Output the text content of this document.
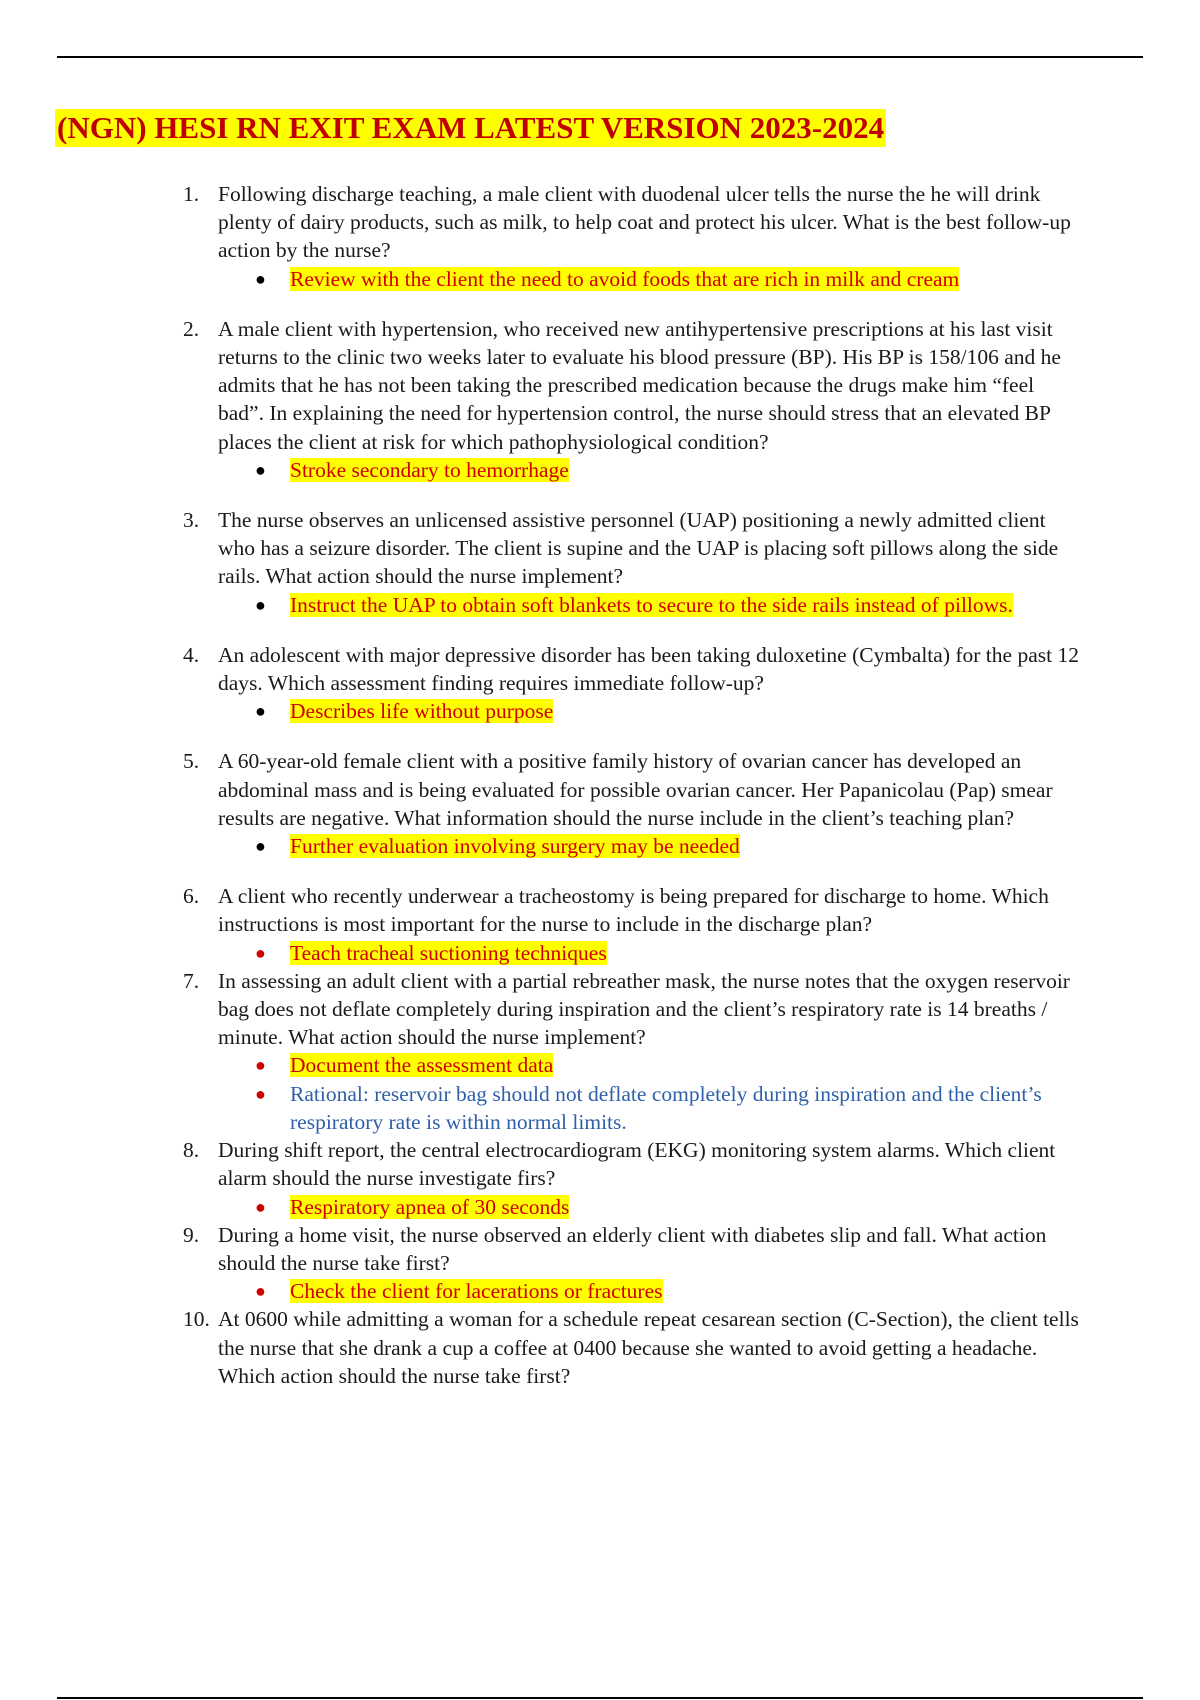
(NGN) HESI RN EXIT EXAM LATEST VERSION 2023-2024
1. Following discharge teaching, a male client with duodenal ulcer tells the nurse the he will drink plenty of dairy products, such as milk, to help coat and protect his ulcer. What is the best follow-up action by the nurse?
● Review with the client the need to avoid foods that are rich in milk and cream
2. A male client with hypertension, who received new antihypertensive prescriptions at his last visit returns to the clinic two weeks later to evaluate his blood pressure (BP). His BP is 158/106 and he admits that he has not been taking the prescribed medication because the drugs make him “feel bad”. In explaining the need for hypertension control, the nurse should stress that an elevated BP places the client at risk for which pathophysiological condition?
● Stroke secondary to hemorrhage
3. The nurse observes an unlicensed assistive personnel (UAP) positioning a newly admitted client who has a seizure disorder. The client is supine and the UAP is placing soft pillows along the side rails. What action should the nurse implement?
● Instruct the UAP to obtain soft blankets to secure to the side rails instead of pillows.
4. An adolescent with major depressive disorder has been taking duloxetine (Cymbalta) for the past 12 days. Which assessment finding requires immediate follow-up?
● Describes life without purpose
5. A 60-year-old female client with a positive family history of ovarian cancer has developed an abdominal mass and is being evaluated for possible ovarian cancer. Her Papanicolau (Pap) smear results are negative. What information should the nurse include in the client’s teaching plan?
● Further evaluation involving surgery may be needed
6. A client who recently underwear a tracheostomy is being prepared for discharge to home. Which instructions is most important for the nurse to include in the discharge plan?
● Teach tracheal suctioning techniques
7. In assessing an adult client with a partial rebreather mask, the nurse notes that the oxygen reservoir bag does not deflate completely during inspiration and the client’s respiratory rate is 14 breaths / minute. What action should the nurse implement?
● Document the assessment data
● Rational: reservoir bag should not deflate completely during inspiration and the client’s respiratory rate is within normal limits.
8. During shift report, the central electrocardiogram (EKG) monitoring system alarms. Which client alarm should the nurse investigate firs?
● Respiratory apnea of 30 seconds
9. During a home visit, the nurse observed an elderly client with diabetes slip and fall. What action should the nurse take first?
● Check the client for lacerations or fractures
10. At 0600 while admitting a woman for a schedule repeat cesarean section (C-Section), the client tells the nurse that she drank a cup a coffee at 0400 because she wanted to avoid getting a headache. Which action should the nurse take first?
